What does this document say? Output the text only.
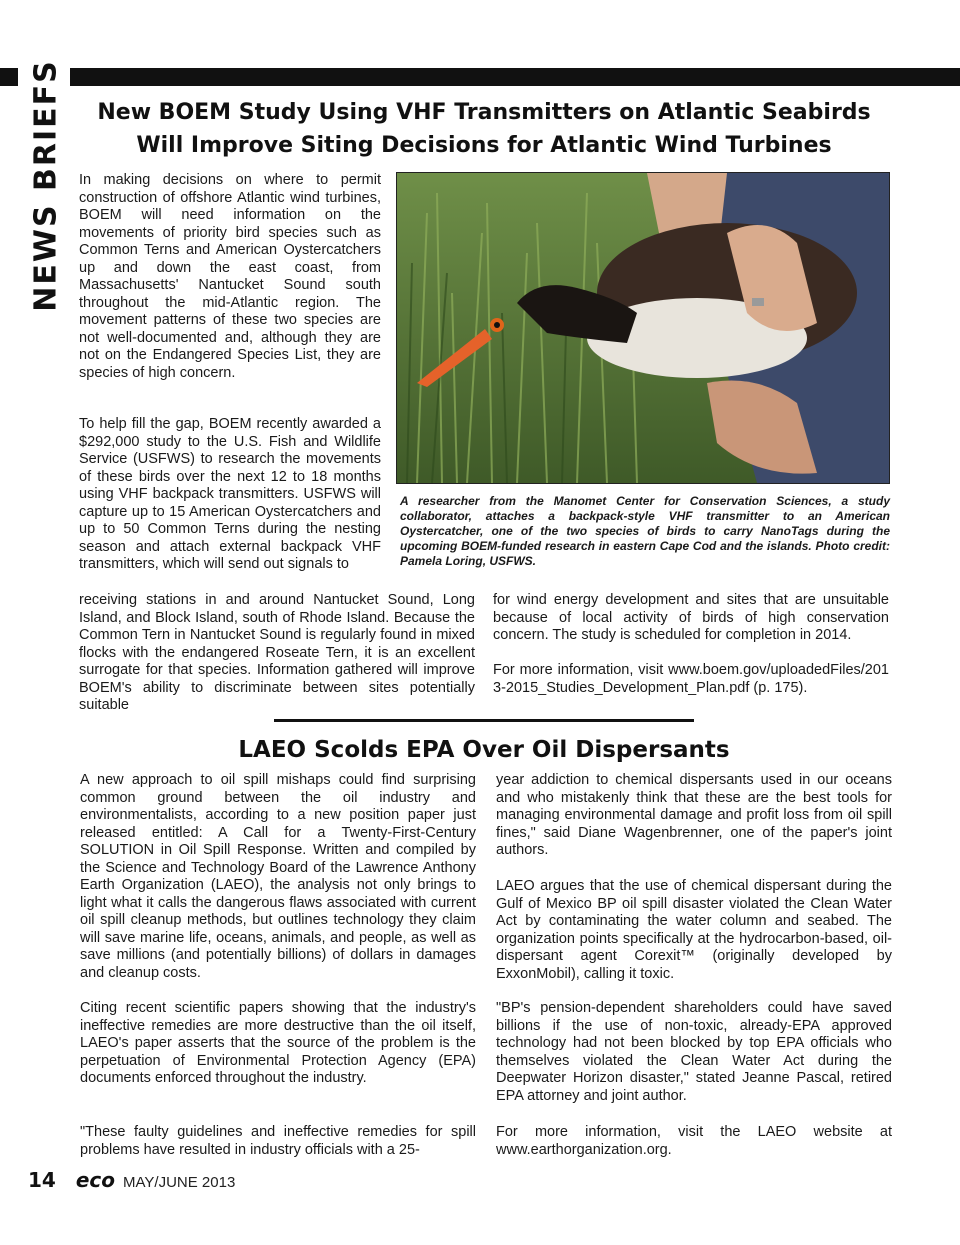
NEWS BRIEFS	New BOEM Study Using VHF Transmitters on Atlantic Seabirds
Will Improve Siting Decisions for Atlantic Wind Turbines

In making decisions on where to permit construction of offshore Atlantic wind turbines, BOEM will need information on the movements of priority bird species such as Common Terns and American Oystercatchers up and down the east coast, from Massachusetts' Nantucket Sound south throughout the mid-Atlantic region. The movement patterns of these two species are not well-documented and, although they are not on the Endangered Species List, they are species of high concern.

To help fill the gap, BOEM recently awarded a $292,000 study to the U.S. Fish and Wildlife Service (USFWS) to research the movements of these birds over the next 12 to 18 months using VHF backpack transmitters. USFWS will capture up to 15 American Oystercatchers and up to 50 Common Terns during the nesting season and attach external backpack VHF transmitters, which will send out signals to

receiving stations in and around Nantucket Sound, Long Island, and Block Island, south of Rhode Island. Because the Common Tern in Nantucket Sound is regularly found in mixed flocks with the endangered Roseate Tern, it is an excellent surrogate for that species. Information gathered will improve BOEM's ability to discriminate between sites potentially suitable

for wind energy development and sites that are unsuitable because of local activity of birds of high conservation concern. The study is scheduled for completion in 2014.

For more information, visit www.boem.gov/uploadedFiles/2013-2015_Studies_Development_Plan.pdf (p. 175).

A researcher from the Manomet Center for Conservation Sciences, a study collaborator, attaches a backpack-style VHF transmitter to an American Oystercatcher, one of the two species of birds to carry NanoTags during the upcoming BOEM-funded research in eastern Cape Cod and the islands. Photo credit: Pamela Loring, USFWS.

LAEO Scolds EPA Over Oil Dispersants

A new approach to oil spill mishaps could find surprising common ground between the oil industry and environmentalists, according to a new position paper just released entitled: A Call for a Twenty-First-Century SOLUTION in Oil Spill Response. Written and compiled by the Science and Technology Board of the Lawrence Anthony Earth Organization (LAEO), the analysis not only brings to light what it calls the dangerous flaws associated with current oil spill cleanup methods, but outlines technology they claim will save marine life, oceans, animals, and people, as well as save millions (and potentially billions) of dollars in damages and cleanup costs.

Citing recent scientific papers showing that the industry's ineffective remedies are more destructive than the oil itself, LAEO's paper asserts that the source of the problem is the perpetuation of Environmental Protection Agency (EPA) documents enforced throughout the industry.

"These faulty guidelines and ineffective remedies for spill problems have resulted in industry officials with a 25-

year addiction to chemical dispersants used in our oceans and who mistakenly think that these are the best tools for managing environmental damage and profit loss from oil spill fines," said Diane Wagenbrenner, one of the paper's joint authors.

LAEO argues that the use of chemical dispersant during the Gulf of Mexico BP oil spill disaster violated the Clean Water Act by contaminating the water column and seabed. The organization points specifically at the hydrocarbon-based, oil-dispersant agent Corexit™ (originally developed by ExxonMobil), calling it toxic.

"BP's pension-dependent shareholders could have saved billions if the use of non-toxic, already-EPA approved technology had not been blocked by top EPA officials who themselves violated the Clean Water Act during the Deepwater Horizon disaster," stated Jeanne Pascal, retired EPA attorney and joint author.

For more information, visit the LAEO website at www.earthorganization.org.

14 eco MAY/JUNE 2013
